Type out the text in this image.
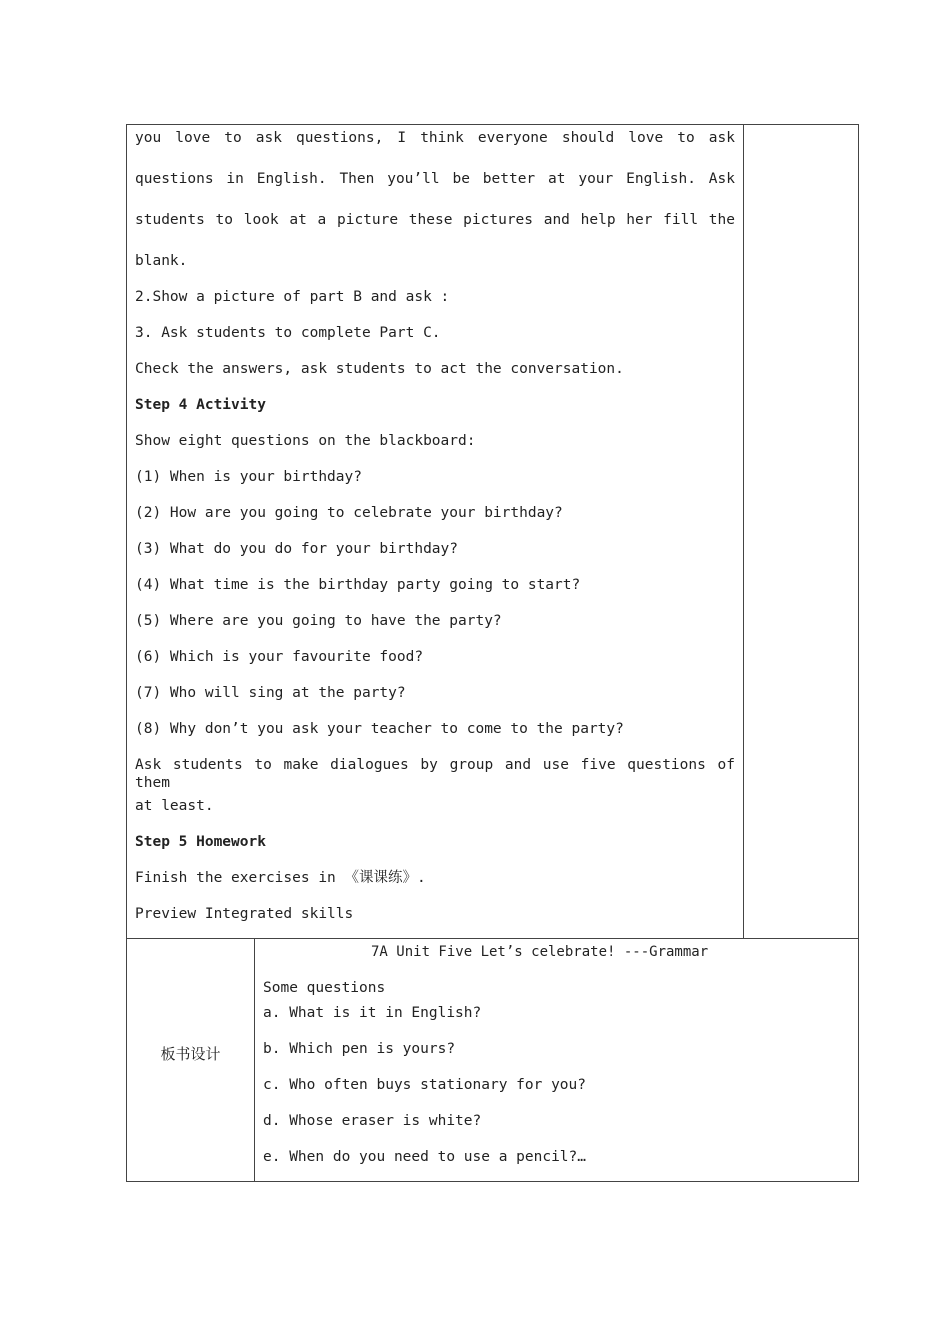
you love to ask questions, I think everyone should love to ask
questions in English. Then you’ll be better at your English. Ask
students to look at a picture these pictures and help her fill the
blank.
2.Show a picture of part B and ask :
3. Ask students to complete Part C.
Check the answers, ask students to act the conversation.
Step 4 Activity
Show eight questions on the blackboard:
(1) When is your birthday?
(2) How are you going to celebrate your birthday?
(3) What do you do for your birthday?
(4) What time is the birthday party going to start?
(5) Where are you going to have the party?
(6) Which is your favourite food?
(7) Who will sing at the party?
(8) Why don’t you ask your teacher to come to the party?
Ask students to make dialogues by group and use five questions of them
at least.
Step 5 Homework
Finish the exercises in 《课课练》.
Preview Integrated skills
板书设计
7A Unit Five Let’s celebrate! ---Grammar
Some questions
a. What is it in English?
b. Which pen is yours?
c. Who often buys stationary for you?
d. Whose eraser is white?
e. When do you need to use a pencil?…
